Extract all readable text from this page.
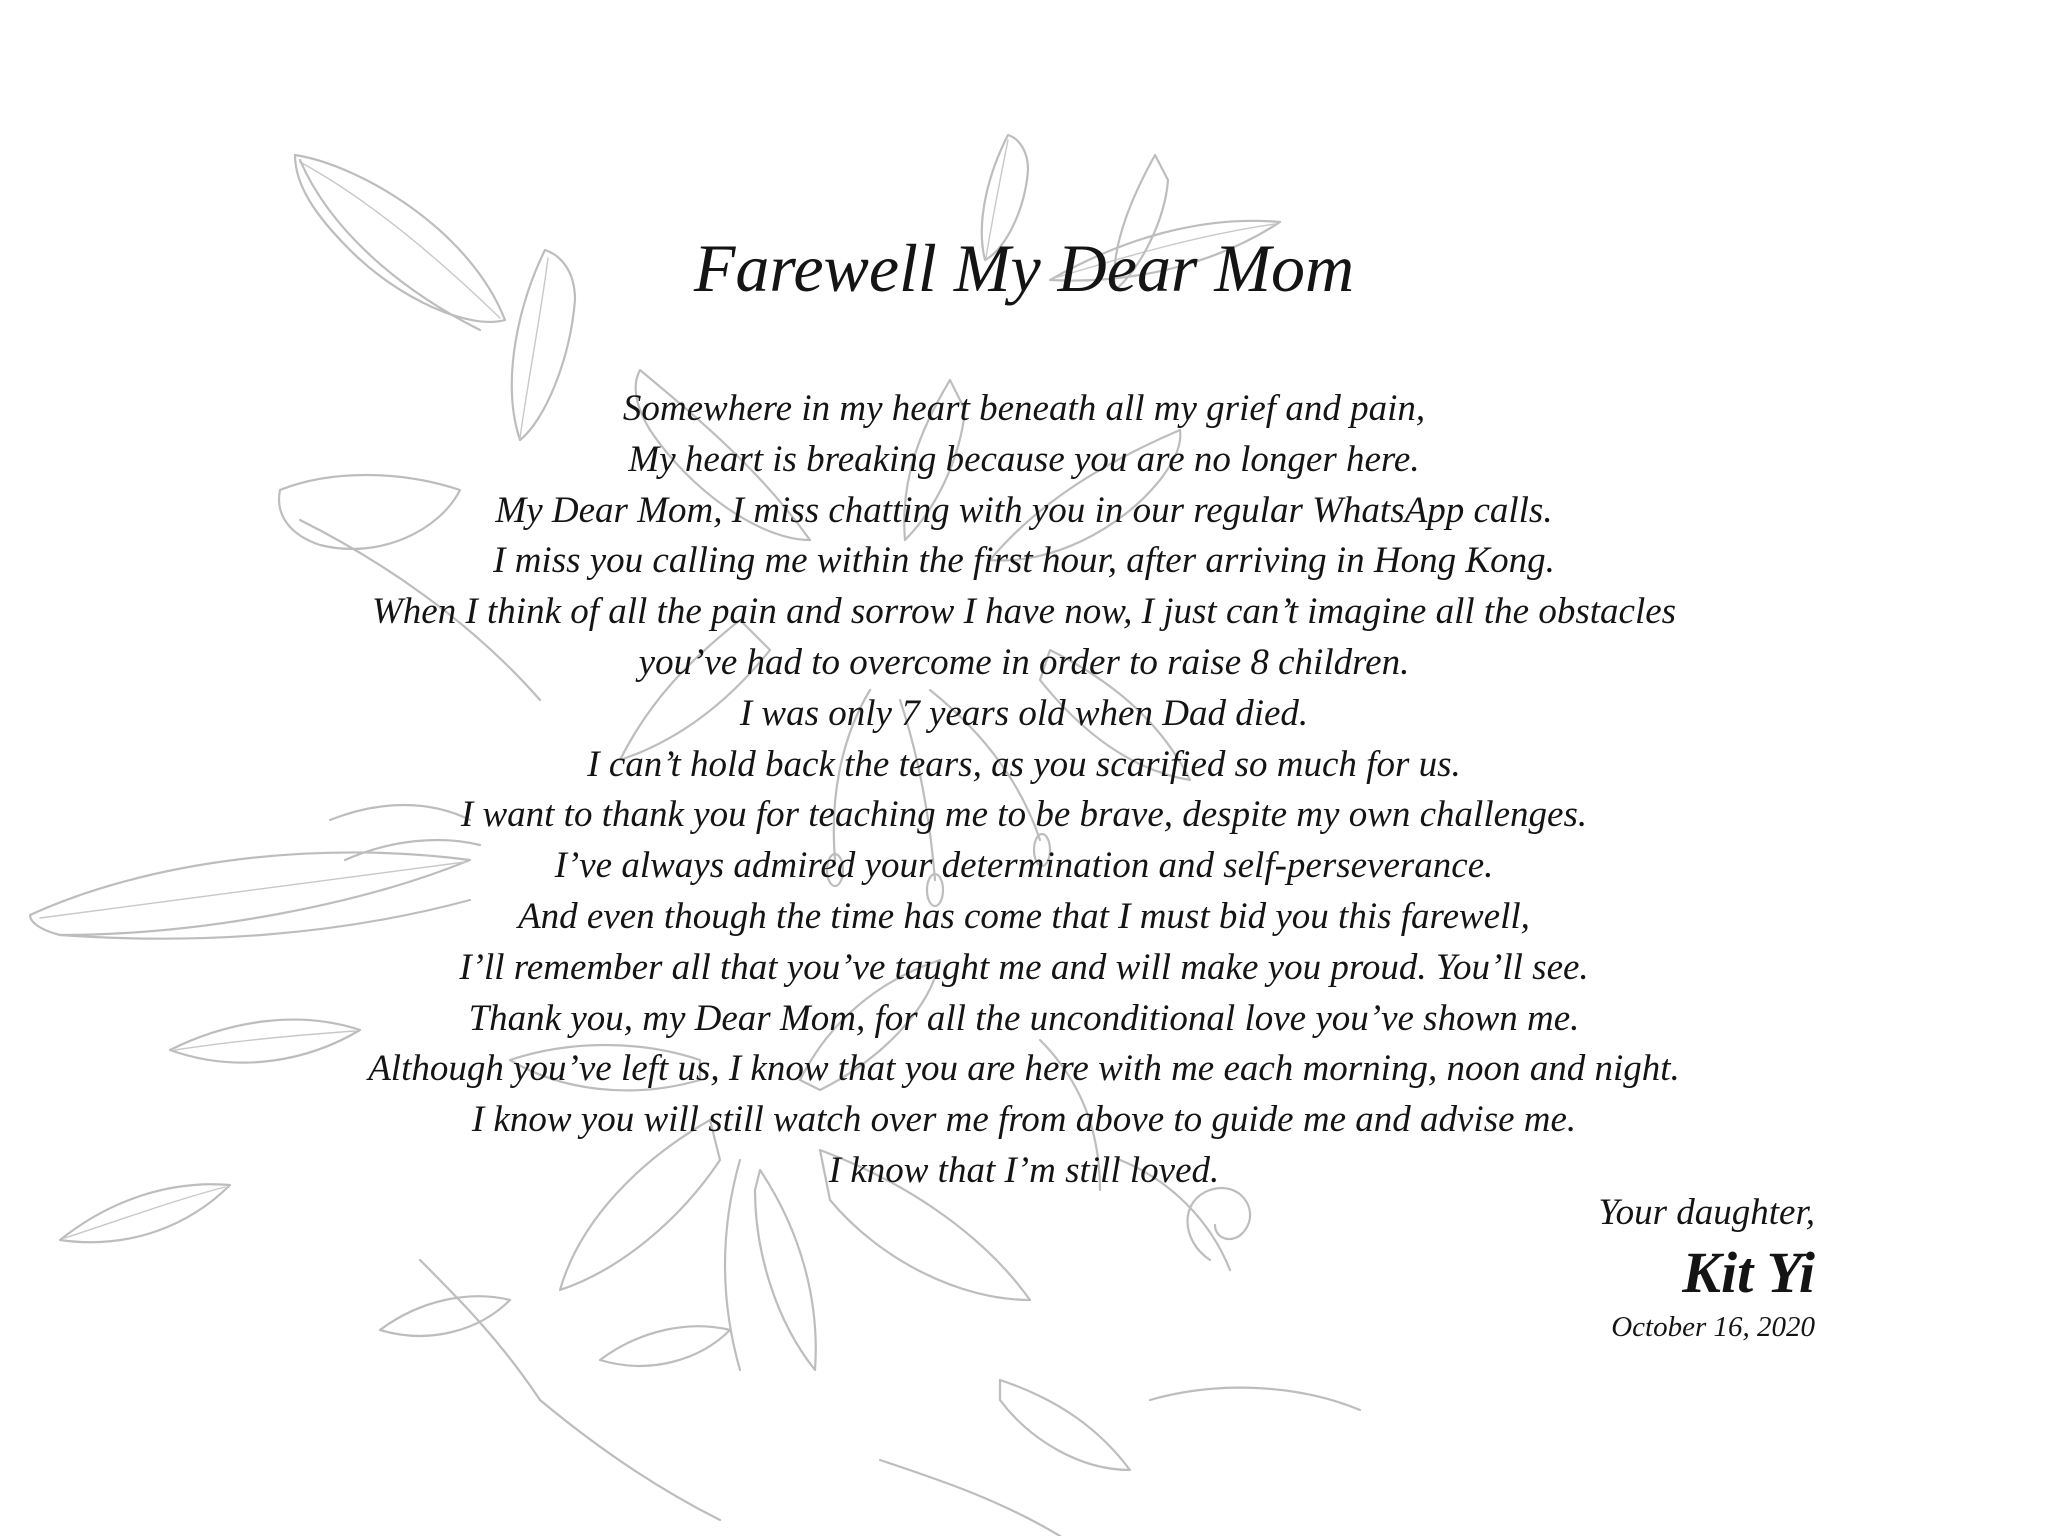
Farewell My Dear Mom
Somewhere in my heart beneath all my grief and pain,
My heart is breaking because you are no longer here.
My Dear Mom, I miss chatting with you in our regular WhatsApp calls.
I miss you calling me within the first hour, after arriving in Hong Kong.
When I think of all the pain and sorrow I have now, I just can’t imagine all the obstacles
you’ve had to overcome in order to raise 8 children.
I was only 7 years old when Dad died.
I can’t hold back the tears, as you scarified so much for us.
I want to thank you for teaching me to be brave, despite my own challenges.
I’ve always admired your determination and self-perseverance.
And even though the time has come that I must bid you this farewell,
I’ll remember all that you’ve taught me and will make you proud. You’ll see.
Thank you, my Dear Mom, for all the unconditional love you’ve shown me.
Although you’ve left us, I know that you are here with me each morning, noon and night.
I know you will still watch over me from above to guide me and advise me.
I know that I’m still loved.
Your daughter,
Kit Yi
October 16, 2020
